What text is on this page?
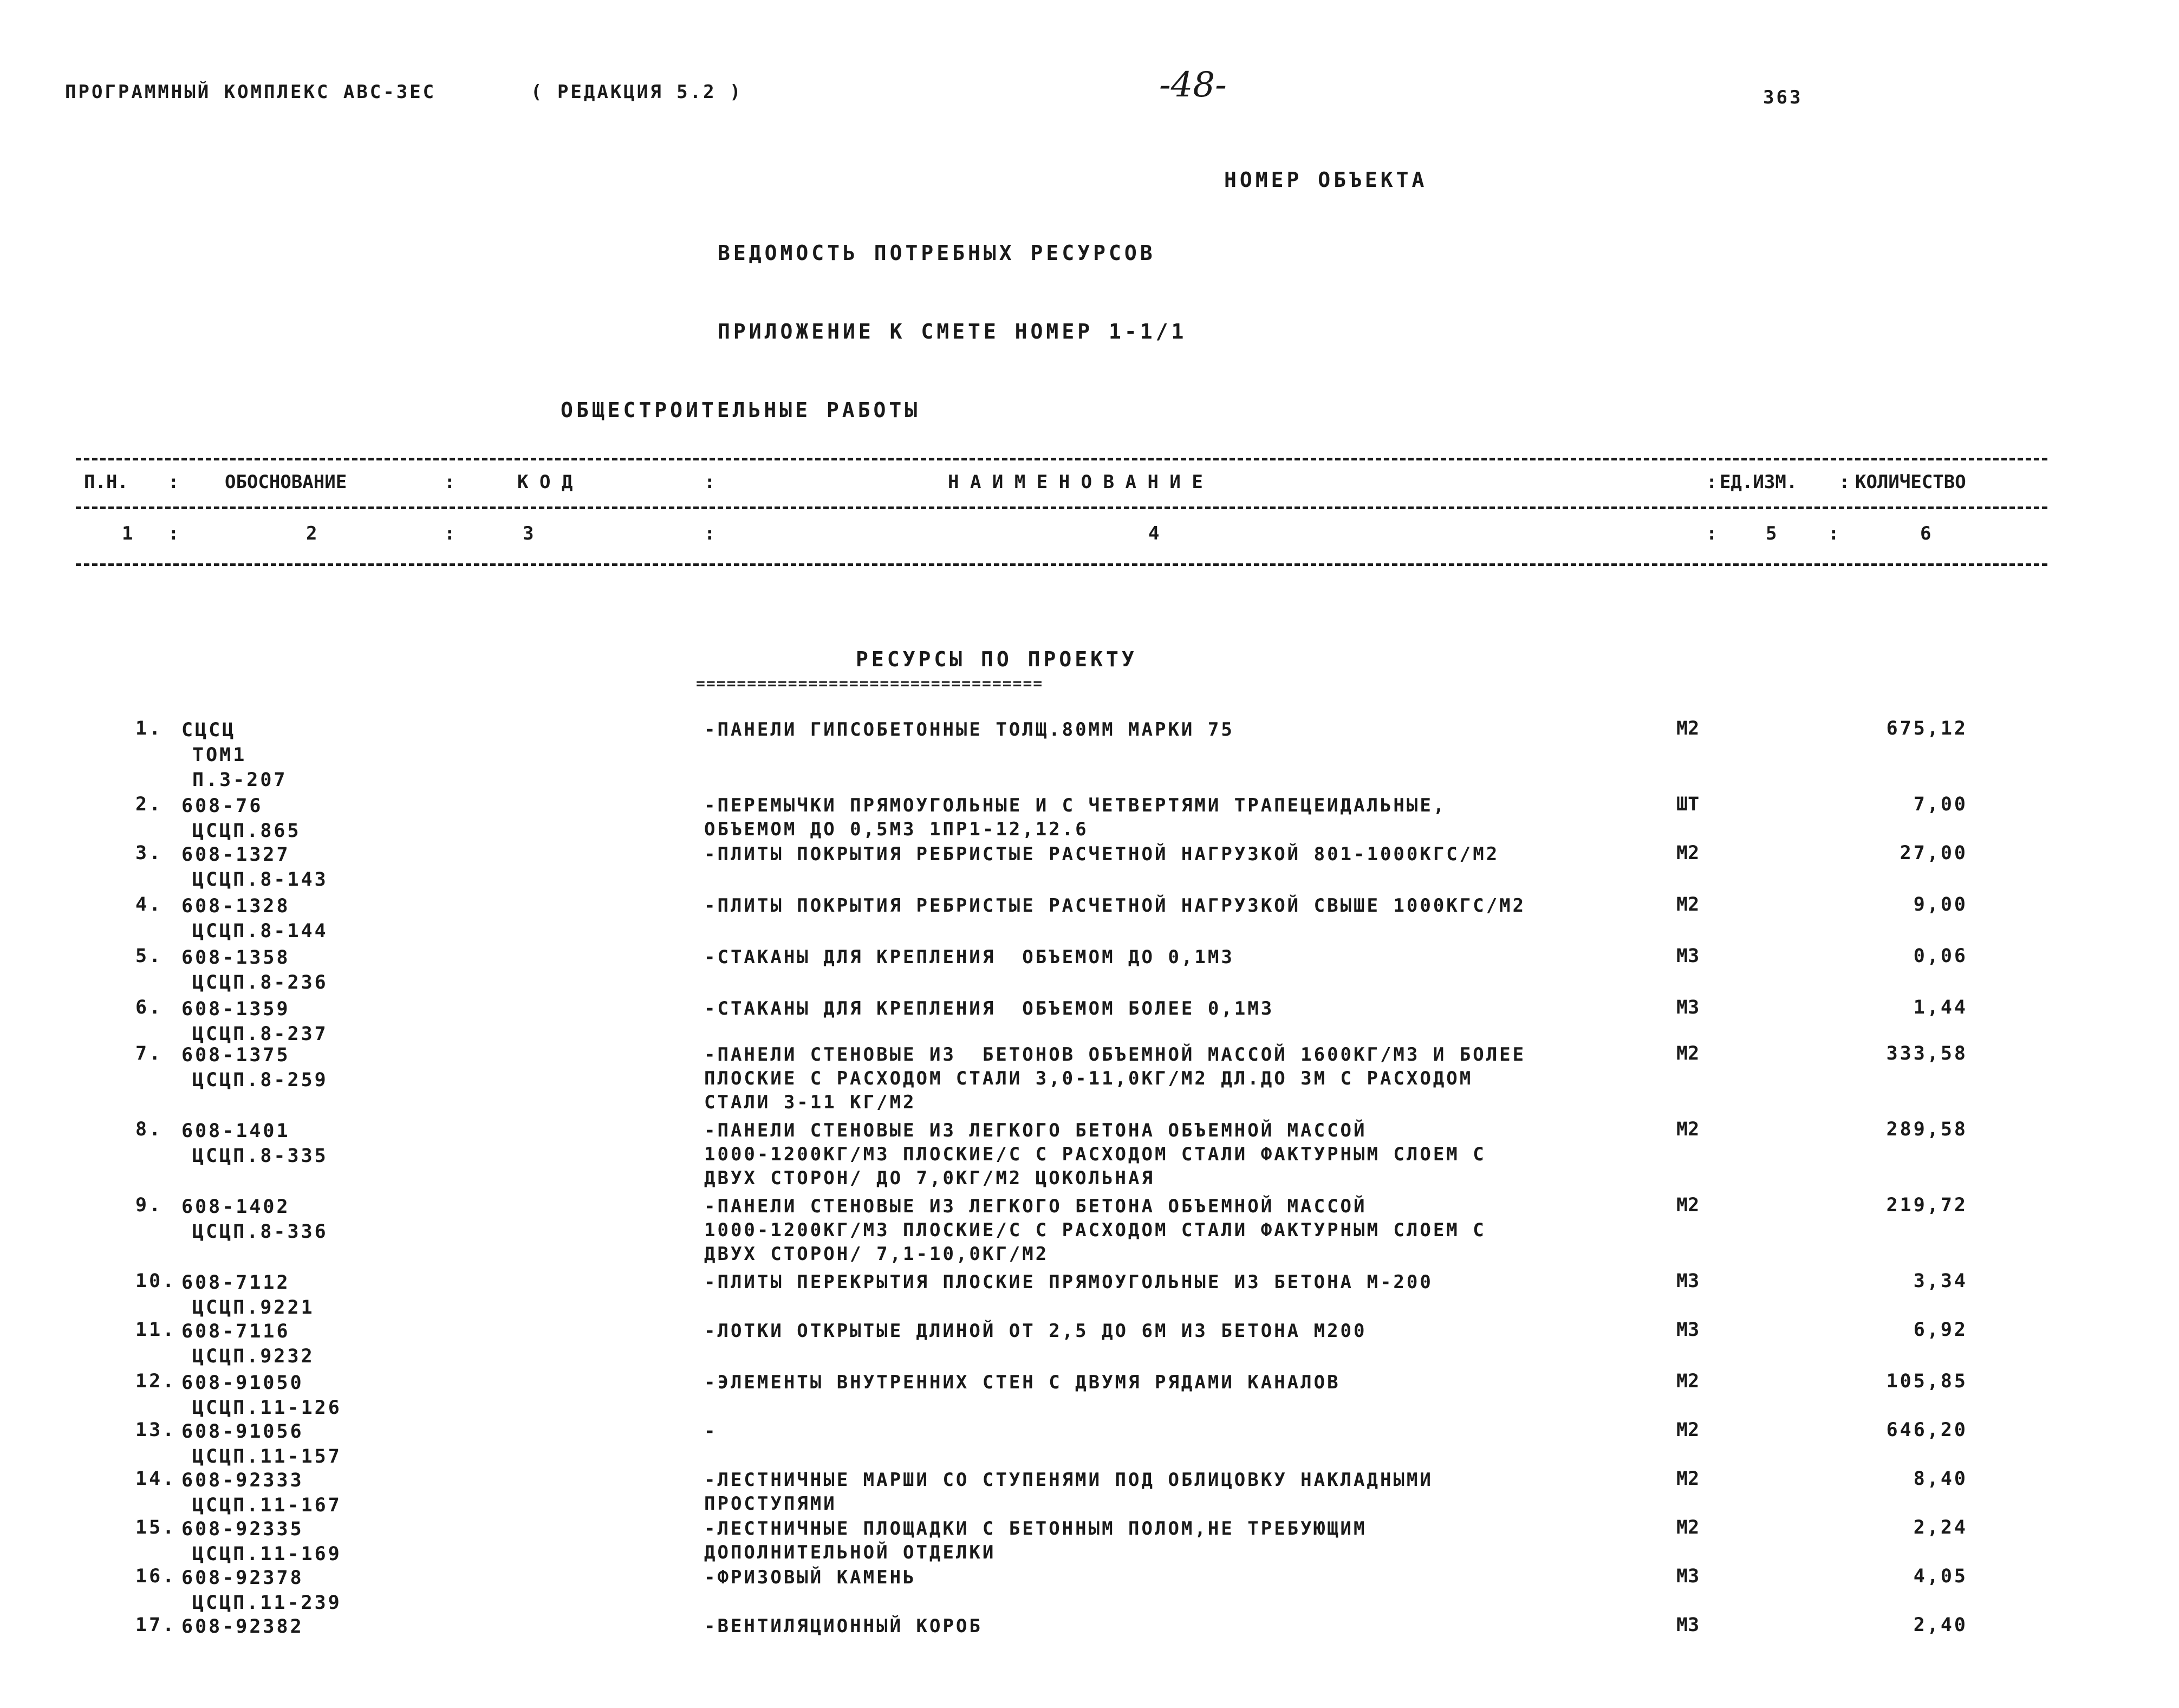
ПРОГРАММНЫЙ КОМПЛЕКС АВС-3ЕС	( РЕДАКЦИЯ 5.2 )	-48-	363
НОМЕР ОБЪЕКТА
ВЕДОМОСТЬ ПОТРЕБНЫХ РЕСУРСОВ
ПРИЛОЖЕНИЕ К СМЕТЕ НОМЕР 1-1/1
ОБЩЕСТРОИТЕЛЬНЫЕ РАБОТЫ
П.Н. : ОБОСНОВАНИЕ	:	К О Д	:	Н А И М Е Н О В А Н И Е	: ЕД.ИЗМ. : КОЛИЧЕСТВО
1 :	2	:	3	:	4	:	5	:	6
РЕСУРСЫ ПО ПРОЕКТУ
==================================
1. СЦСЦ
ТОМ1
П.3-207
-ПАНЕЛИ ГИПСОБЕТОННЫЕ ТОЛЩ.80ММ МАРКИ 75	М2	675,12
2. 608-76
ЦСЦП.865
-ПЕРЕМЫЧКИ ПРЯМОУГОЛЬНЫЕ И С ЧЕТВЕРТЯМИ ТРАПЕЦЕИДАЛЬНЫЕ,
ОБЪЕМОМ ДО 0,5М3 1ПР1-12,12.6
ШТ	7,00
3. 608-1327
ЦСЦП.8-143
-ПЛИТЫ ПОКРЫТИЯ РЕБРИСТЫЕ РАСЧЕТНОЙ НАГРУЗКОЙ 801-1000КГС/М2	М2	27,00
4. 608-1328
ЦСЦП.8-144
-ПЛИТЫ ПОКРЫТИЯ РЕБРИСТЫЕ РАСЧЕТНОЙ НАГРУЗКОЙ СВЫШЕ 1000КГС/М2	М2	9,00
5. 608-1358
ЦСЦП.8-236
-СТАКАНЫ ДЛЯ КРЕПЛЕНИЯ  ОБЪЕМОМ ДО 0,1М3	М3	0,06
6. 608-1359
ЦСЦП.8-237
-СТАКАНЫ ДЛЯ КРЕПЛЕНИЯ  ОБЪЕМОМ БОЛЕЕ 0,1М3	М3	1,44
7. 608-1375
ЦСЦП.8-259
-ПАНЕЛИ СТЕНОВЫЕ ИЗ  БЕТОНОВ ОБЪЕМНОЙ МАССОЙ 1600КГ/М3 И БОЛЕЕ
ПЛОСКИЕ С РАСХОДОМ СТАЛИ 3,0-11,0КГ/М2 ДЛ.ДО 3М С РАСХОДОМ
СТАЛИ 3-11 КГ/М2
М2	333,58
8. 608-1401
ЦСЦП.8-335
-ПАНЕЛИ СТЕНОВЫЕ ИЗ ЛЕГКОГО БЕТОНА ОБЪЕМНОЙ МАССОЙ
1000-1200КГ/М3 ПЛОСКИЕ/С С РАСХОДОМ СТАЛИ ФАКТУРНЫМ СЛОЕМ С
ДВУХ СТОРОН/ ДО 7,0КГ/М2 ЦОКОЛЬНАЯ
М2	289,58
9. 608-1402
ЦСЦП.8-336
-ПАНЕЛИ СТЕНОВЫЕ ИЗ ЛЕГКОГО БЕТОНА ОБЪЕМНОЙ МАССОЙ
1000-1200КГ/М3 ПЛОСКИЕ/С С РАСХОДОМ СТАЛИ ФАКТУРНЫМ СЛОЕМ С
ДВУХ СТОРОН/ 7,1-10,0КГ/М2
М2	219,72
10. 608-7112
ЦСЦП.9221
-ПЛИТЫ ПЕРЕКРЫТИЯ ПЛОСКИЕ ПРЯМОУГОЛЬНЫЕ ИЗ БЕТОНА М-200	М3	3,34
11. 608-7116
ЦСЦП.9232
-ЛОТКИ ОТКРЫТЫЕ ДЛИНОЙ ОТ 2,5 ДО 6М ИЗ БЕТОНА М200	М3	6,92
12. 608-91050
ЦСЦП.11-126
-ЭЛЕМЕНТЫ ВНУТРЕННИХ СТЕН С ДВУМЯ РЯДАМИ КАНАЛОВ	М2	105,85
13. 608-91056
ЦСЦП.11-157
-	М2	646,20
14. 608-92333
ЦСЦП.11-167
-ЛЕСТНИЧНЫЕ МАРШИ СО СТУПЕНЯМИ ПОД ОБЛИЦОВКУ НАКЛАДНЫМИ
ПРОСТУПЯМИ
М2	8,40
15. 608-92335
ЦСЦП.11-169
-ЛЕСТНИЧНЫЕ ПЛОЩАДКИ С БЕТОННЫМ ПОЛОМ,НЕ ТРЕБУЮЩИМ
ДОПОЛНИТЕЛЬНОЙ ОТДЕЛКИ
М2	2,24
16. 608-92378
ЦСЦП.11-239
-ФРИЗОВЫЙ КАМЕНЬ	М3	4,05
17. 608-92382	-ВЕНТИЛЯЦИОННЫЙ КОРОБ	М3	2,40
